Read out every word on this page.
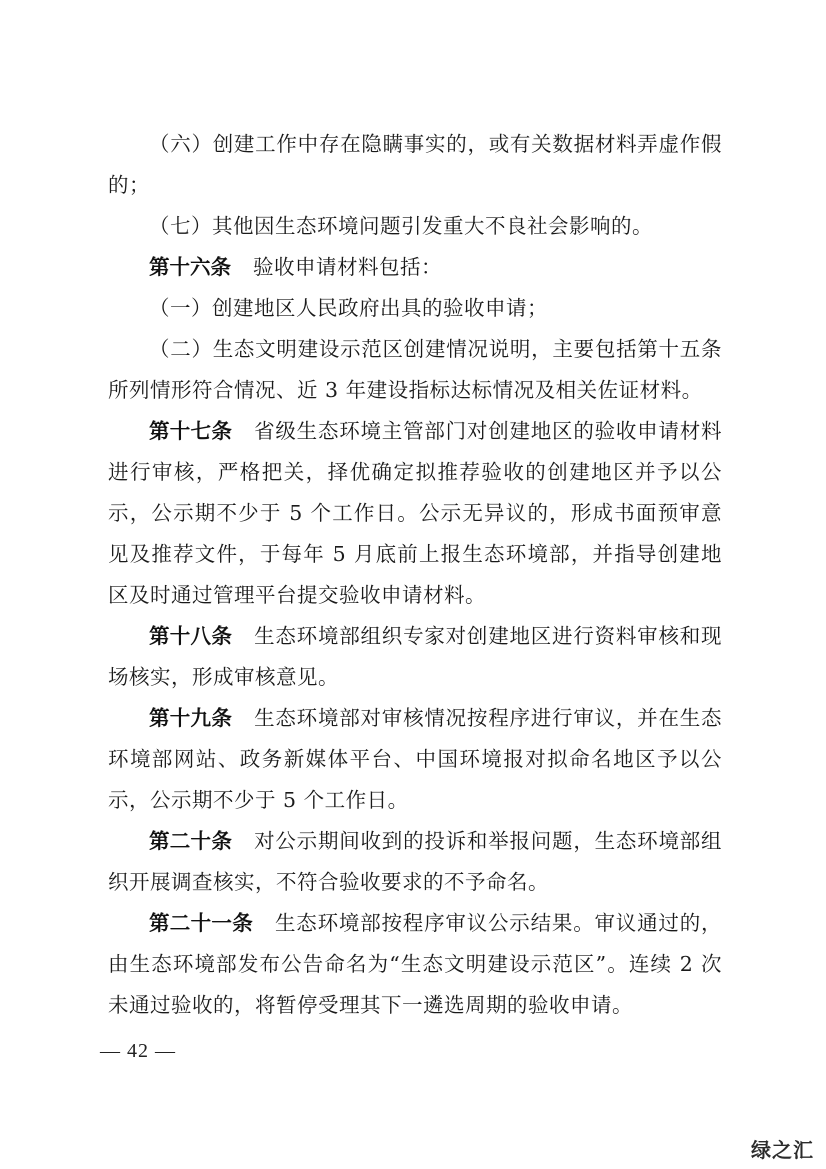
（六）创建工作中存在隐瞒事实的，或有关数据材料弄虚作假的；

（七）其他因生态环境问题引发重大不良社会影响的。

第十六条 验收申请材料包括：

（一）创建地区人民政府出具的验收申请；

（二）生态文明建设示范区创建情况说明，主要包括第十五条所列情形符合情况、近 3 年建设指标达标情况及相关佐证材料。

第十七条 省级生态环境主管部门对创建地区的验收申请材料进行审核，严格把关，择优确定拟推荐验收的创建地区并予以公示，公示期不少于 5 个工作日。公示无异议的，形成书面预审意见及推荐文件，于每年 5 月底前上报生态环境部，并指导创建地区及时通过管理平台提交验收申请材料。

第十八条 生态环境部组织专家对创建地区进行资料审核和现场核实，形成审核意见。

第十九条 生态环境部对审核情况按程序进行审议，并在生态环境部网站、政务新媒体平台、中国环境报对拟命名地区予以公示，公示期不少于 5 个工作日。

第二十条 对公示期间收到的投诉和举报问题，生态环境部组织开展调查核实，不符合验收要求的不予命名。

第二十一条 生态环境部按程序审议公示结果。审议通过的，由生态环境部发布公告命名为“生态文明建设示范区”。连续 2 次未通过验收的，将暂停受理其下一遴选周期的验收申请。

— 42 —
绿之汇
